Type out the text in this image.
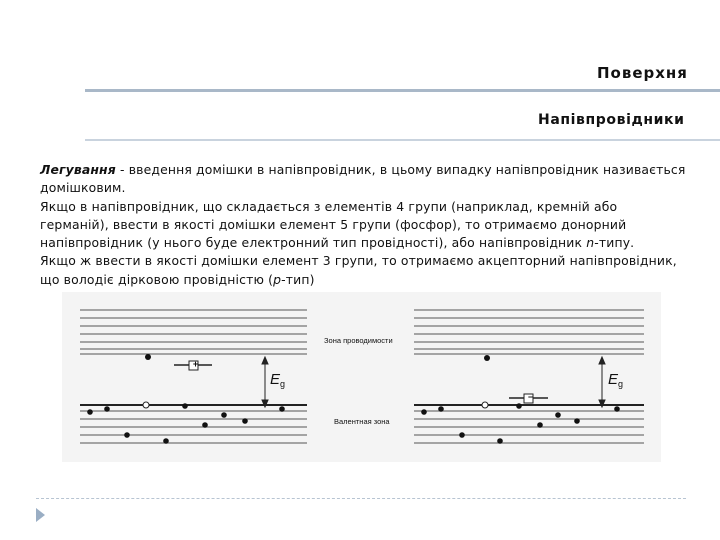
Поверхня
Напівпровідники

Легування - введення домішки в напівпровідник, в цьому випадку напівпровідник називається домішковим.

Якщо в напівпровідник, що складається з елементів 4 групи (наприклад, кремній або германій), ввести в якості домішки елемент 5 групи (фосфор), то отримаємо донорний напівпровідник (у нього буде електронний тип провідності), або напівпровідник n-типу.

Якщо ж ввести в якості домішки елемент 3 групи, то отримаємо акцепторний напівпровідник, що володіє дірковою провідністю (p-тип)

Зона проводимости
Валентная зона
$E_g$	$E_g$
+
−
